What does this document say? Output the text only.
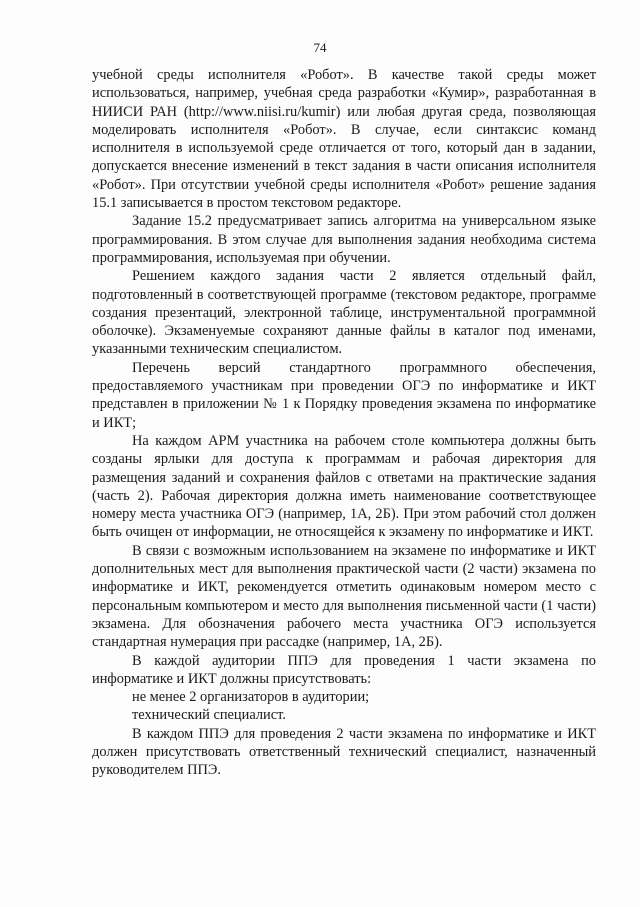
74

учебной среды исполнителя «Робот». В качестве такой среды может использоваться, например, учебная среда разработки «Кумир», разработанная в НИИСИ РАН (http://www.niisi.ru/kumir) или любая другая среда, позволяющая моделировать исполнителя «Робот». В случае, если синтаксис команд исполнителя в используемой среде отличается от того, который дан в задании, допускается внесение изменений в текст задания в части описания исполнителя «Робот». При отсутствии учебной среды исполнителя «Робот» решение задания 15.1 записывается в простом текстовом редакторе.

Задание 15.2 предусматривает запись алгоритма на универсальном языке программирования. В этом случае для выполнения задания необходима система программирования, используемая при обучении.

Решением каждого задания части 2 является отдельный файл, подготовленный в соответствующей программе (текстовом редакторе, программе создания презентаций, электронной таблице, инструментальной программной оболочке). Экзаменуемые сохраняют данные файлы в каталог под именами, указанными техническим специалистом.

Перечень версий стандартного программного обеспечения, предоставляемого участникам при проведении ОГЭ по информатике и ИКТ представлен в приложении № 1 к Порядку проведения экзамена по информатике и ИКТ;

На каждом АРМ участника на рабочем столе компьютера должны быть созданы ярлыки для доступа к программам и рабочая директория для размещения заданий и сохранения файлов с ответами на практические задания (часть 2). Рабочая директория должна иметь наименование соответствующее номеру места участника ОГЭ (например, 1А, 2Б). При этом рабочий стол должен быть очищен от информации, не относящейся к экзамену по информатике и ИКТ.

В связи с возможным использованием на экзамене по информатике и ИКТ дополнительных мест для выполнения практической части (2 части) экзамена по информатике и ИКТ, рекомендуется отметить одинаковым номером место с персональным компьютером и место для выполнения письменной части (1 части) экзамена. Для обозначения рабочего места участника ОГЭ используется стандартная нумерация при рассадке (например, 1А, 2Б).

В каждой аудитории ППЭ для проведения 1 части экзамена по информатике и ИКТ должны присутствовать:

не менее 2 организаторов в аудитории;

технический специалист.

В каждом ППЭ для проведения 2 части экзамена по информатике и ИКТ должен присутствовать ответственный технический специалист, назначенный руководителем ППЭ.
